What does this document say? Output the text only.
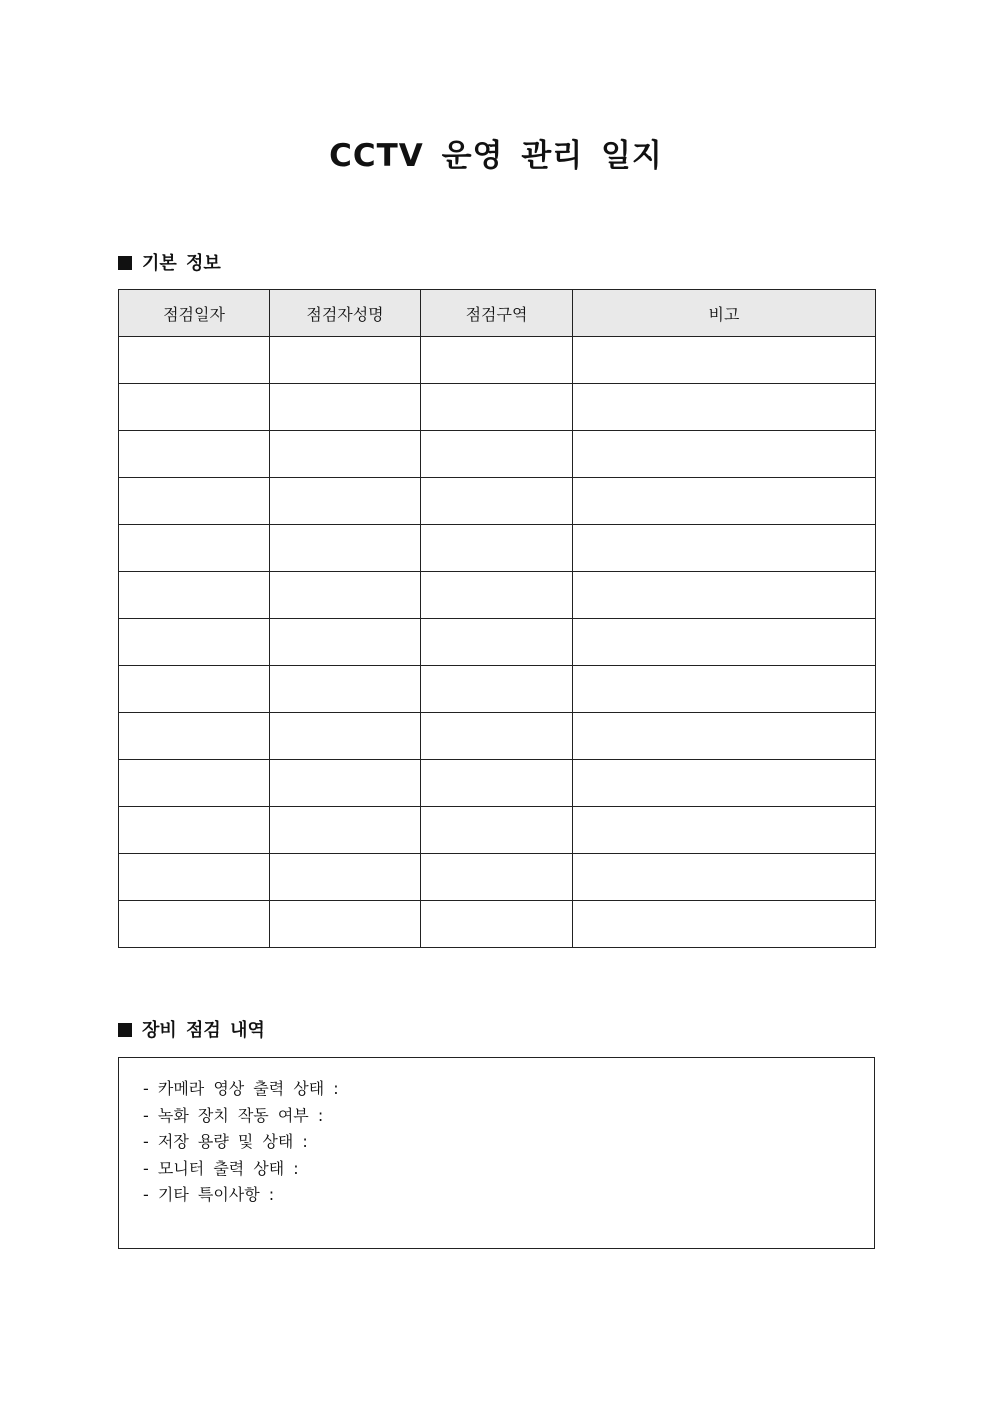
CCTV 운영 관리 일지
기본 정보
점검일자	점검자성명	점검구역	비고

장비 점검 내역
- 카메라 영상 출력 상태 :
- 녹화 장치 작동 여부 :
- 저장 용량 및 상태 :
- 모니터 출력 상태 :
- 기타 특이사항 :
